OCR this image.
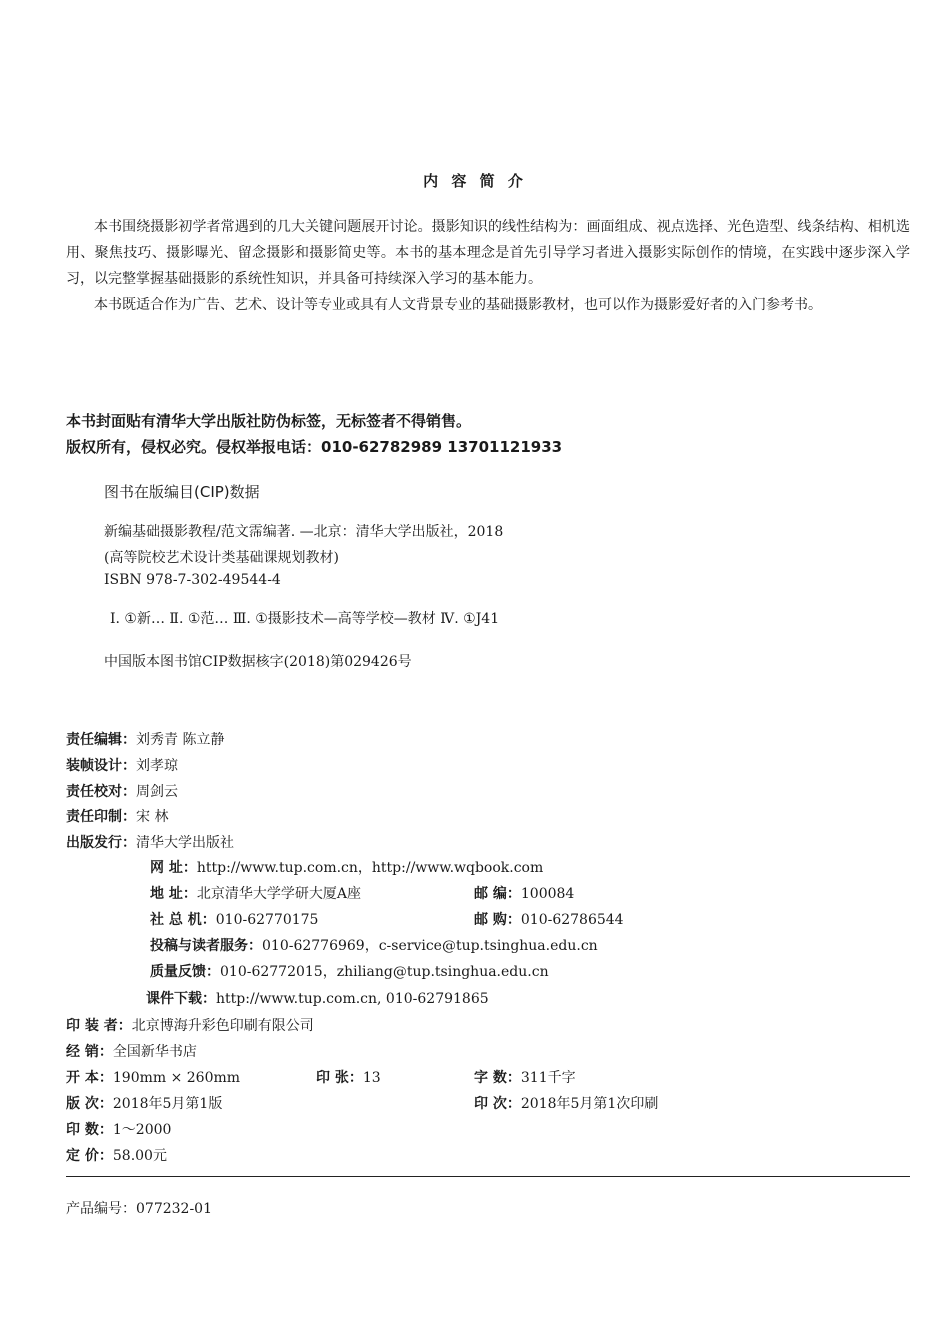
内 容 简 介
本书围绕摄影初学者常遇到的几大关键问题展开讨论。摄影知识的线性结构为：画面组成、视点选择、光色造型、线条结构、相机选用、聚焦技巧、摄影曝光、留念摄影和摄影简史等。本书的基本理念是首先引导学习者进入摄影实际创作的情境，在实践中逐步深入学习，以完整掌握基础摄影的系统性知识，并具备可持续深入学习的基本能力。
本书既适合作为广告、艺术、设计等专业或具有人文背景专业的基础摄影教材，也可以作为摄影爱好者的入门参考书。
本书封面贴有清华大学出版社防伪标签，无标签者不得销售。
版权所有，侵权必究。侵权举报电话：010-62782989 13701121933
图书在版编目(CIP)数据
新编基础摄影教程/范文霈编著. —北京：清华大学出版社，2018
(高等院校艺术设计类基础课规划教材)
ISBN 978-7-302-49544-4
Ⅰ. ①新… Ⅱ. ①范… Ⅲ. ①摄影技术—高等学校—教材 Ⅳ. ①J41
中国版本图书馆CIP数据核字(2018)第029426号
责任编辑：刘秀青 陈立静
装帧设计：刘孝琼
责任校对：周剑云
责任印制：宋 林
出版发行：清华大学出版社
网 址：http://www.tup.com.cn，http://www.wqbook.com
地 址：北京清华大学学研大厦A座	邮 编：100084
社 总 机：010-62770175	邮 购：010-62786544
投稿与读者服务：010-62776969，c-service@tup.tsinghua.edu.cn
质量反馈：010-62772015，zhiliang@tup.tsinghua.edu.cn
课件下载：http://www.tup.com.cn, 010-62791865
印 装 者：北京博海升彩色印刷有限公司
经 销：全国新华书店
开 本：190mm × 260mm	印 张：13	字 数：311千字
版 次：2018年5月第1版	印 次：2018年5月第1次印刷
印 数：1～2000
定 价：58.00元
产品编号：077232-01
